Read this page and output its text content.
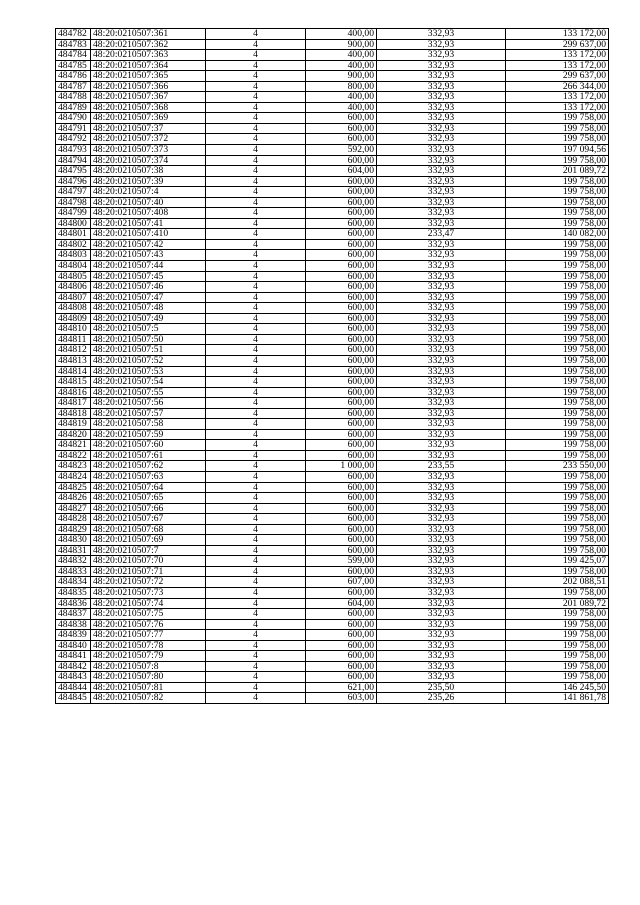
484782	48:20:0210507:361	4	400,00	332,93	133 172,00
484783	48:20:0210507:362	4	900,00	332,93	299 637,00
484784	48:20:0210507:363	4	400,00	332,93	133 172,00
484785	48:20:0210507:364	4	400,00	332,93	133 172,00
484786	48:20:0210507:365	4	900,00	332,93	299 637,00
484787	48:20:0210507:366	4	800,00	332,93	266 344,00
484788	48:20:0210507:367	4	400,00	332,93	133 172,00
484789	48:20:0210507:368	4	400,00	332,93	133 172,00
484790	48:20:0210507:369	4	600,00	332,93	199 758,00
484791	48:20:0210507:37	4	600,00	332,93	199 758,00
484792	48:20:0210507:372	4	600,00	332,93	199 758,00
484793	48:20:0210507:373	4	592,00	332,93	197 094,56
484794	48:20:0210507:374	4	600,00	332,93	199 758,00
484795	48:20:0210507:38	4	604,00	332,93	201 089,72
484796	48:20:0210507:39	4	600,00	332,93	199 758,00
484797	48:20:0210507:4	4	600,00	332,93	199 758,00
484798	48:20:0210507:40	4	600,00	332,93	199 758,00
484799	48:20:0210507:408	4	600,00	332,93	199 758,00
484800	48:20:0210507:41	4	600,00	332,93	199 758,00
484801	48:20:0210507:410	4	600,00	233,47	140 082,00
484802	48:20:0210507:42	4	600,00	332,93	199 758,00
484803	48:20:0210507:43	4	600,00	332,93	199 758,00
484804	48:20:0210507:44	4	600,00	332,93	199 758,00
484805	48:20:0210507:45	4	600,00	332,93	199 758,00
484806	48:20:0210507:46	4	600,00	332,93	199 758,00
484807	48:20:0210507:47	4	600,00	332,93	199 758,00
484808	48:20:0210507:48	4	600,00	332,93	199 758,00
484809	48:20:0210507:49	4	600,00	332,93	199 758,00
484810	48:20:0210507:5	4	600,00	332,93	199 758,00
484811	48:20:0210507:50	4	600,00	332,93	199 758,00
484812	48:20:0210507:51	4	600,00	332,93	199 758,00
484813	48:20:0210507:52	4	600,00	332,93	199 758,00
484814	48:20:0210507:53	4	600,00	332,93	199 758,00
484815	48:20:0210507:54	4	600,00	332,93	199 758,00
484816	48:20:0210507:55	4	600,00	332,93	199 758,00
484817	48:20:0210507:56	4	600,00	332,93	199 758,00
484818	48:20:0210507:57	4	600,00	332,93	199 758,00
484819	48:20:0210507:58	4	600,00	332,93	199 758,00
484820	48:20:0210507:59	4	600,00	332,93	199 758,00
484821	48:20:0210507:60	4	600,00	332,93	199 758,00
484822	48:20:0210507:61	4	600,00	332,93	199 758,00
484823	48:20:0210507:62	4	1 000,00	233,55	233 550,00
484824	48:20:0210507:63	4	600,00	332,93	199 758,00
484825	48:20:0210507:64	4	600,00	332,93	199 758,00
484826	48:20:0210507:65	4	600,00	332,93	199 758,00
484827	48:20:0210507:66	4	600,00	332,93	199 758,00
484828	48:20:0210507:67	4	600,00	332,93	199 758,00
484829	48:20:0210507:68	4	600,00	332,93	199 758,00
484830	48:20:0210507:69	4	600,00	332,93	199 758,00
484831	48:20:0210507:7	4	600,00	332,93	199 758,00
484832	48:20:0210507:70	4	599,00	332,93	199 425,07
484833	48:20:0210507:71	4	600,00	332,93	199 758,00
484834	48:20:0210507:72	4	607,00	332,93	202 088,51
484835	48:20:0210507:73	4	600,00	332,93	199 758,00
484836	48:20:0210507:74	4	604,00	332,93	201 089,72
484837	48:20:0210507:75	4	600,00	332,93	199 758,00
484838	48:20:0210507:76	4	600,00	332,93	199 758,00
484839	48:20:0210507:77	4	600,00	332,93	199 758,00
484840	48:20:0210507:78	4	600,00	332,93	199 758,00
484841	48:20:0210507:79	4	600,00	332,93	199 758,00
484842	48:20:0210507:8	4	600,00	332,93	199 758,00
484843	48:20:0210507:80	4	600,00	332,93	199 758,00
484844	48:20:0210507:81	4	621,00	235,50	146 245,50
484845	48:20:0210507:82	4	603,00	235,26	141 861,78
